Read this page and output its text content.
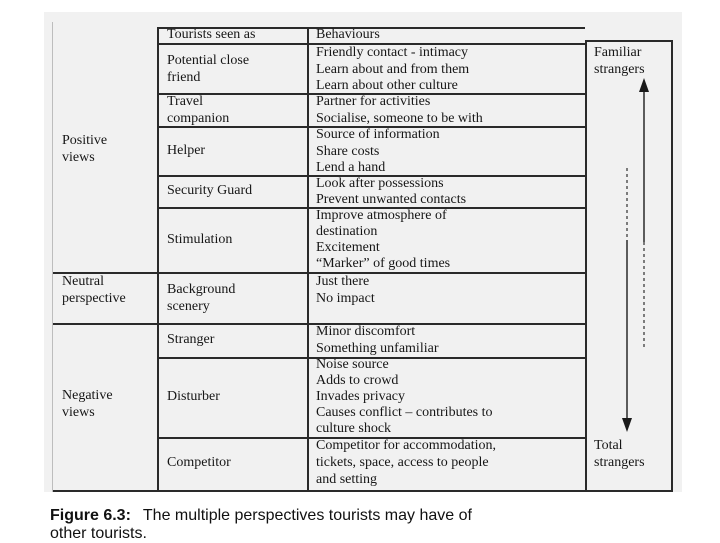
Tourists seen as	Behaviours
Positive
views
Neutral
perspective
Negative
views
Potential close
friend
Friendly contact - intimacy
Learn about and from them
Learn about other culture
Travel
companion
Partner for activities
Socialise, someone to be with
Helper
Source of information
Share costs
Lend a hand
Security Guard	Look after possessions
Prevent unwanted contacts
Stimulation
Improve atmosphere of
destination
Excitement
“Marker” of good times
Background
scenery
Just there
No impact
Stranger
Minor discomfort
Something unfamiliar
Disturber
Noise source
Adds to crowd
Invades privacy
Causes conflict – contributes to
culture shock
Competitor
Competitor for accommodation,
tickets, space, access to people
and setting
Familiar
strangers
Total
strangers
Figure 6.3: The multiple perspectives tourists may have of
other tourists.
